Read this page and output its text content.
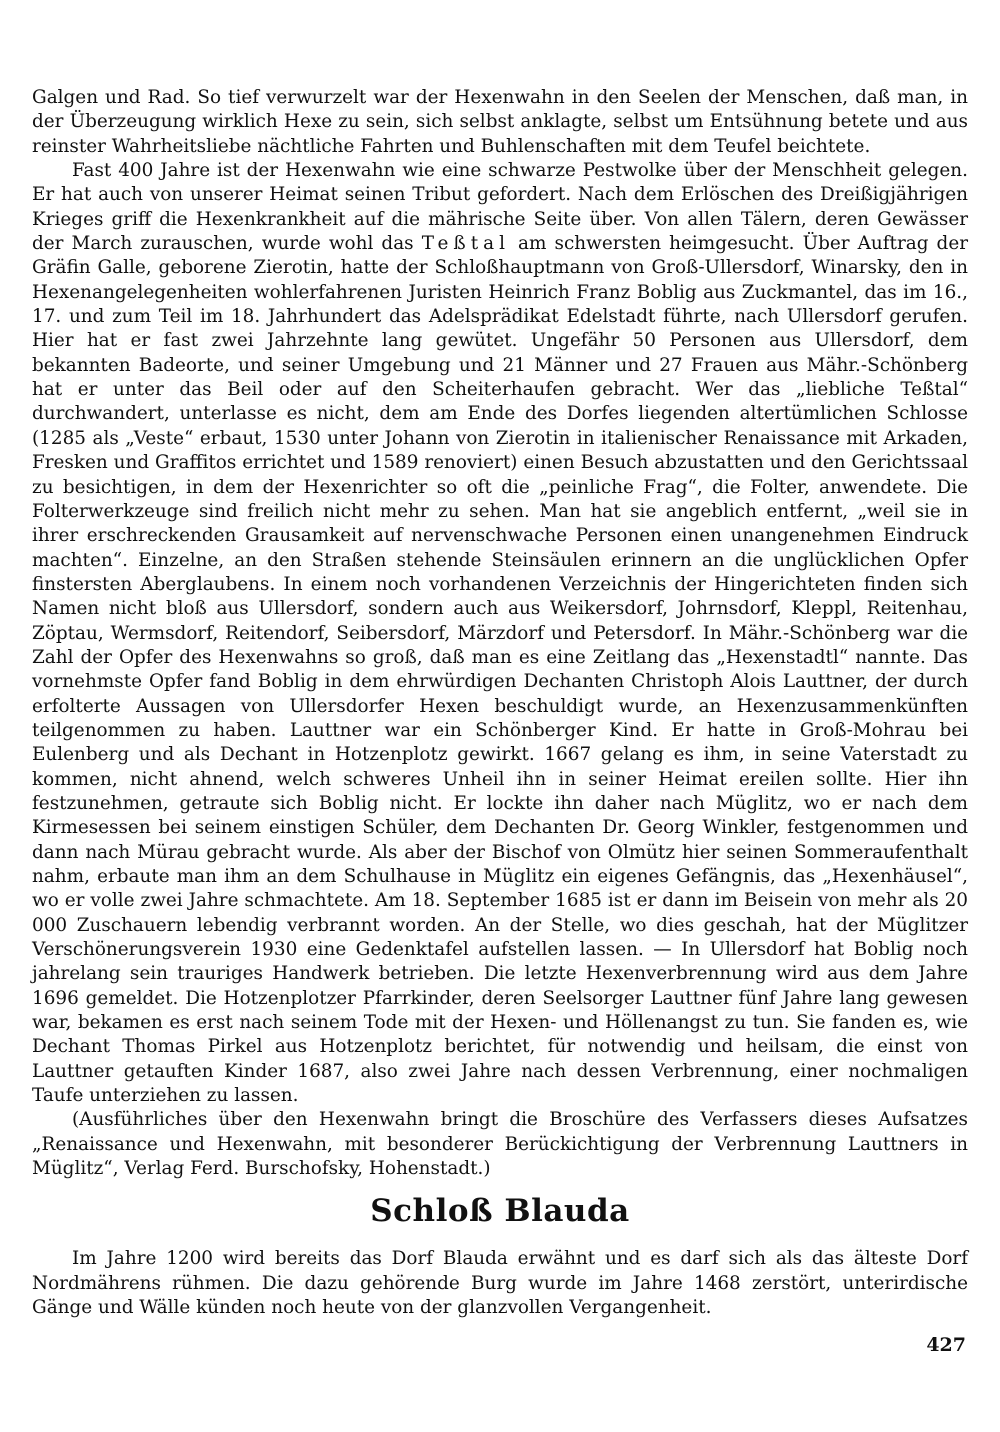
Galgen und Rad. So tief verwurzelt war der Hexenwahn in den Seelen der Menschen, daß man, in der Überzeugung wirklich Hexe zu sein, sich selbst anklagte, selbst um Entsühnung betete und aus reinster Wahrheitsliebe nächtliche Fahrten und Buhlenschaften mit dem Teufel beichtete.

Fast 400 Jahre ist der Hexenwahn wie eine schwarze Pestwolke über der Menschheit gelegen. Er hat auch von unserer Heimat seinen Tribut gefordert. Nach dem Erlöschen des Dreißigjährigen Krieges griff die Hexenkrankheit auf die mährische Seite über. Von allen Tälern, deren Gewässer der March zurauschen, wurde wohl das Teßtal am schwersten heimgesucht. Über Auftrag der Gräfin Galle, geborene Zierotin, hatte der Schloßhauptmann von Groß-Ullersdorf, Winarsky, den in Hexenangelegenheiten wohlerfahrenen Juristen Heinrich Franz Boblig aus Zuckmantel, das im 16., 17. und zum Teil im 18. Jahrhundert das Adelsprädikat Edelstadt führte, nach Ullersdorf gerufen. Hier hat er fast zwei Jahrzehnte lang gewütet. Ungefähr 50 Personen aus Ullersdorf, dem bekannten Badeorte, und seiner Umgebung und 21 Männer und 27 Frauen aus Mähr.-Schönberg hat er unter das Beil oder auf den Scheiterhaufen gebracht. Wer das „liebliche Teßtal“ durchwandert, unterlasse es nicht, dem am Ende des Dorfes liegenden altertümlichen Schlosse (1285 als „Veste“ erbaut, 1530 unter Johann von Zierotin in italienischer Renaissance mit Arkaden, Fresken und Graffitos errichtet und 1589 renoviert) einen Besuch abzustatten und den Gerichtssaal zu besichtigen, in dem der Hexenrichter so oft die „peinliche Frag“, die Folter, anwendete. Die Folterwerkzeuge sind freilich nicht mehr zu sehen. Man hat sie angeblich entfernt, „weil sie in ihrer erschreckenden Grausamkeit auf nervenschwache Personen einen unangenehmen Eindruck machten“. Einzelne, an den Straßen stehende Steinsäulen erinnern an die unglücklichen Opfer finstersten Aberglaubens. In einem noch vorhandenen Verzeichnis der Hingerichteten finden sich Namen nicht bloß aus Ullersdorf, sondern auch aus Weikersdorf, Johrnsdorf, Kleppl, Reitenhau, Zöptau, Wermsdorf, Reitendorf, Seibersdorf, Märzdorf und Petersdorf. In Mähr.-Schönberg war die Zahl der Opfer des Hexenwahns so groß, daß man es eine Zeitlang das „Hexenstadtl“ nannte. Das vornehmste Opfer fand Boblig in dem ehrwürdigen Dechanten Christoph Alois Lauttner, der durch erfolterte Aussagen von Ullersdorfer Hexen beschuldigt wurde, an Hexenzusammenkünften teilgenommen zu haben. Lauttner war ein Schönberger Kind. Er hatte in Groß-Mohrau bei Eulenberg und als Dechant in Hotzenplotz gewirkt. 1667 gelang es ihm, in seine Vaterstadt zu kommen, nicht ahnend, welch schweres Unheil ihn in seiner Heimat ereilen sollte. Hier ihn festzunehmen, getraute sich Boblig nicht. Er lockte ihn daher nach Müglitz, wo er nach dem Kirmesessen bei seinem einstigen Schüler, dem Dechanten Dr. Georg Winkler, festgenommen und dann nach Mürau gebracht wurde. Als aber der Bischof von Olmütz hier seinen Sommeraufenthalt nahm, erbaute man ihm an dem Schulhause in Müglitz ein eigenes Gefängnis, das „Hexenhäusel“, wo er volle zwei Jahre schmachtete. Am 18. September 1685 ist er dann im Beisein von mehr als 20 000 Zuschauern lebendig verbrannt worden. An der Stelle, wo dies geschah, hat der Müglitzer Verschönerungsverein 1930 eine Gedenktafel aufstellen lassen. — In Ullersdorf hat Boblig noch jahrelang sein trauriges Handwerk betrieben. Die letzte Hexenverbrennung wird aus dem Jahre 1696 gemeldet. Die Hotzenplotzer Pfarrkinder, deren Seelsorger Lauttner fünf Jahre lang gewesen war, bekamen es erst nach seinem Tode mit der Hexen- und Höllenangst zu tun. Sie fanden es, wie Dechant Thomas Pirkel aus Hotzenplotz berichtet, für notwendig und heilsam, die einst von Lauttner getauften Kinder 1687, also zwei Jahre nach dessen Verbrennung, einer nochmaligen Taufe unterziehen zu lassen.

(Ausführliches über den Hexenwahn bringt die Broschüre des Verfassers dieses Aufsatzes „Renaissance und Hexenwahn, mit besonderer Berückichtigung der Verbrennung Lauttners in Müglitz“, Verlag Ferd. Burschofsky, Hohenstadt.)

Schloß Blauda

Im Jahre 1200 wird bereits das Dorf Blauda erwähnt und es darf sich als das älteste Dorf Nordmährens rühmen. Die dazu gehörende Burg wurde im Jahre 1468 zerstört, unterirdische Gänge und Wälle künden noch heute von der glanzvollen Vergangenheit.

427
